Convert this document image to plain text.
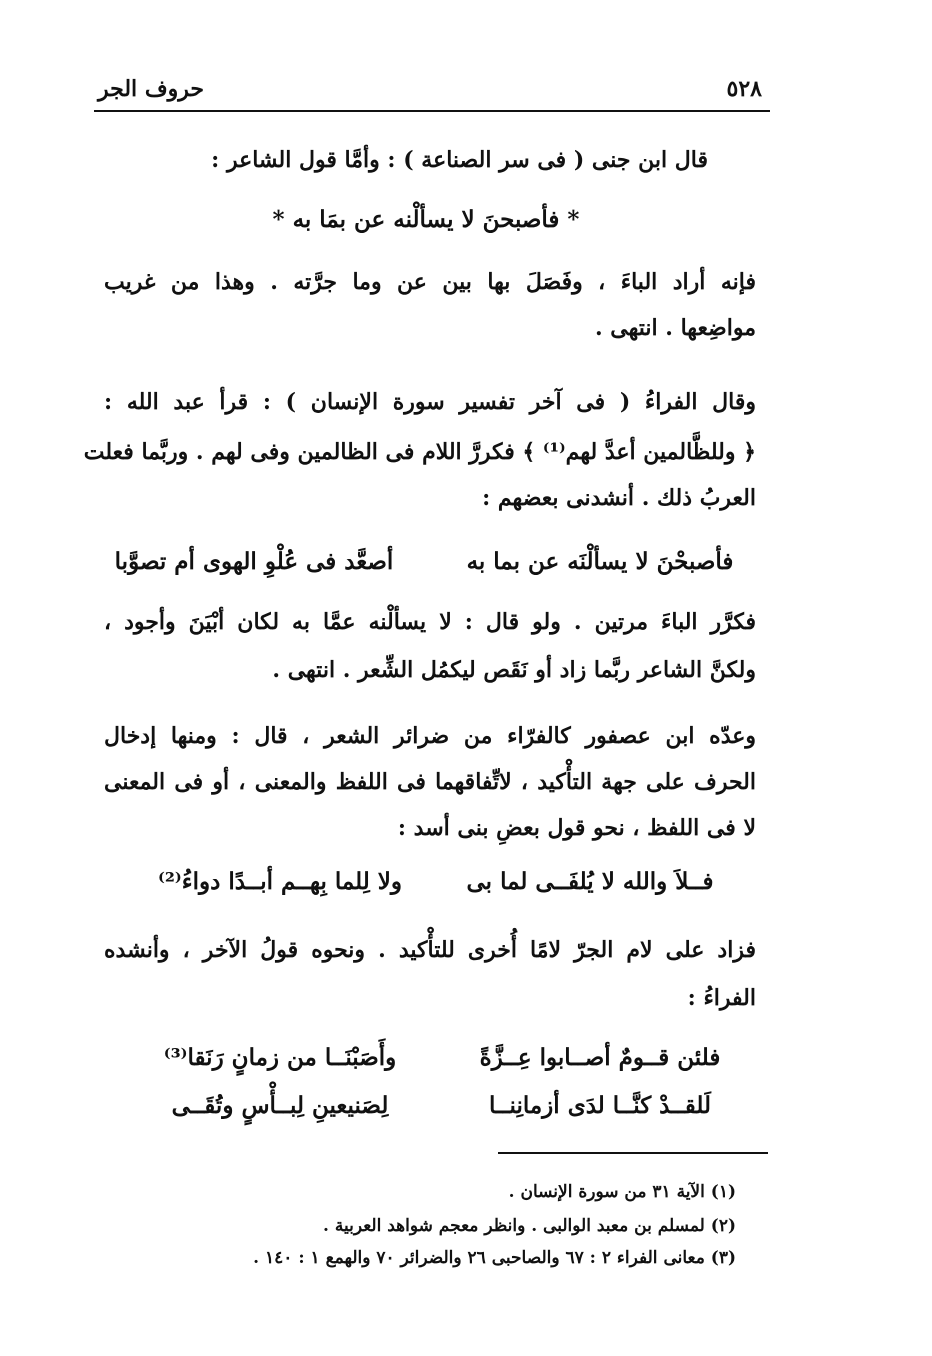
٥٢٨
حروف الجر
قال ابن جنى ( فى سر الصناعة ) : وأمَّا قول الشاعر :
* فأصبحنَ لا يسألْنه عن بمَا به *
فإنه أراد الباءَ ، وفَصَلَ بها بين عن وما جرَّته . وهذا من غريب
مواضِعها . انتهى .
وقال الفراءُ ( فى آخر تفسير سورة الإنسان ) : قرأ عبد الله :
﴿ وللظَّالمين أعدَّ لهم⁽¹⁾ ﴾ فكررَّ اللام فى الظالمين وفى لهم . وربَّما فعلت
العربُ ذلك . أنشدنى بعضهم :
فأصبحْنَ لا يسألْنَه عن بما به
أصعَّد فى عُلْوِ الهوى أم تصوَّبا
فكرَّر الباءَ مرتين . ولو قال : لا يسألْنه عمَّا به لكان أبْيَنَ وأجود ،
ولكنَّ الشاعر ربَّما زاد أو نَقَص ليكمُل الشِّعر . انتهى .
وعدّه ابن عصفور كالفرّاء من ضرائر الشعر ، قال : ومنها إدخال
الحرف على جهة التأْكيد ، لاتِّفاقهما فى اللفظ والمعنى ، أو فى المعنى
لا فى اللفظ ، نحو قول بعضِ بنى أسد :
فــلاَ والله لا يُلفَــى لما بى
ولا لِلما بِهــم أبــدًا دواءُ⁽²⁾
فزاد على لام الجرّ لامًا أُخرى للتأْكيد . ونحوه قولُ الآخر ، وأنشده
الفراءُ :
فلئن قــومٌ أصــابوا عِــزَّةً
وأَصَبْنَــا من زمانٍ رَنَقا⁽³⁾
لَلقــدْ كنَّــا لدَى أزمانِنــا
لِصَنيعينِ لِبــأْسٍ وتُقَــى
(١) الآية ٣١ من سورة الإنسان .
(٢) لمسلم بن معبد الوالبى . وانظر معجم شواهد العربية .
(٣) معانى الفراء ٢ : ٦٧ والصاحبى ٢٦ والضرائر ٧٠ والهمع ١ : ١٤٠ .
